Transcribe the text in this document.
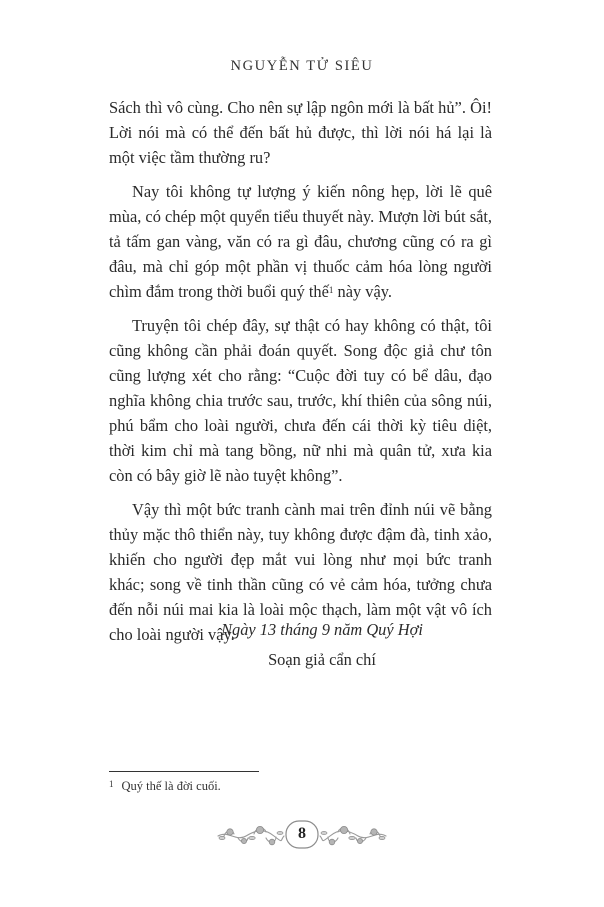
NGUYỄN TỬ SIÊU

Sách thì vô cùng. Cho nên sự lập ngôn mới là bất hủ”. Ôi! Lời nói mà có thể đến bất hủ được, thì lời nói há lại là một việc tầm thường ru?

Nay tôi không tự lượng ý kiến nông hẹp, lời lẽ quê mùa, có chép một quyển tiểu thuyết này. Mượn lời bút sắt, tả tấm gan vàng, văn có ra gì đâu, chương cũng có ra gì đâu, mà chỉ góp một phần vị thuốc cảm hóa lòng người chìm đắm trong thời buổi quý thế$^1$ này vậy.

Truyện tôi chép đây, sự thật có hay không có thật, tôi cũng không cần phải đoán quyết. Song độc giả chư tôn cũng lượng xét cho rằng: “Cuộc đời tuy có bể dâu, đạo nghĩa không chia trước sau, trước, khí thiên của sông núi, phú bẩm cho loài người, chưa đến cái thời kỳ tiêu diệt, thời kim chỉ mà tang bồng, nữ nhi mà quân tử, xưa kia còn có bây giờ lẽ nào tuyệt không”.

Vậy thì một bức tranh cành mai trên đỉnh núi vẽ bằng thủy mặc thô thiển này, tuy không được đậm đà, tinh xảo, khiến cho người đẹp mắt vui lòng như mọi bức tranh khác; song về tinh thần cũng có vẻ cảm hóa, tưởng chưa đến nỗi núi mai kia là loài mộc thạch, làm một vật vô ích cho loài người vậy.

Ngày 13 tháng 9 năm Quý Hợi
Soạn giả cẩn chí
$^1$ Quý thế là đời cuối.
8
